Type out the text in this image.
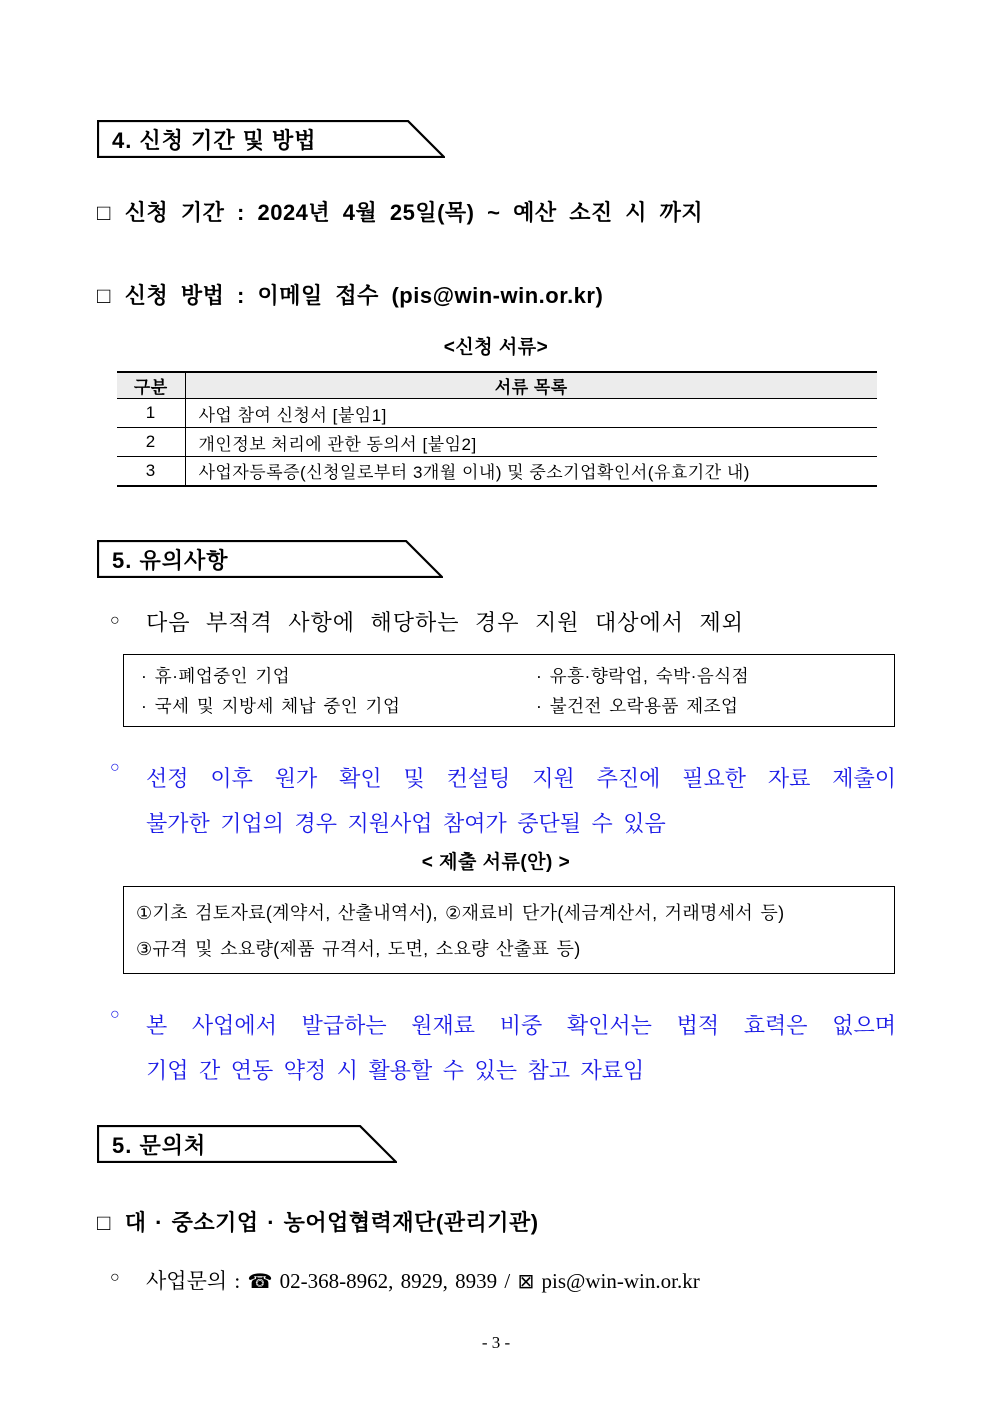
4. 신청 기간 및 방법
□ 신청 기간 : 2024년 4월 25일(목) ~ 예산 소진 시 까지
□ 신청 방법 : 이메일 접수 (pis@win-win.or.kr)
<신청 서류>
구분	서류 목록
1	사업 참여 신청서 [붙임1]
2	개인정보 처리에 관한 동의서 [붙임2]
3	사업자등록증(신청일로부터 3개월 이내) 및 중소기업확인서(유효기간 내)
5. 유의사항
○	다음 부적격 사항에 해당하는 경우 지원 대상에서 제외
· 휴·폐업중인 기업	· 유흥·향락업, 숙박·음식점
· 국세 및 지방세 체납 중인 기업	· 불건전 오락용품 제조업
○	선정 이후 원가 확인 및 컨설팅 지원 추진에 필요한 자료 제출이
불가한 기업의 경우 지원사업 참여가 중단될 수 있음
< 제출 서류(안) >
①기초 검토자료(계약서, 산출내역서), ②재료비 단가(세금계산서, 거래명세서 등)
③규격 및 소요량(제품 규격서, 도면, 소요량 산출표 등)
○	본 사업에서 발급하는 원재료 비중 확인서는 법적 효력은 없으며
기업 간 연동 약정 시 활용할 수 있는 참고 자료임
5. 문의처
□ 대 · 중소기업 · 농어업협력재단(관리기관)
○	사업문의 : ☎ 02-368-8962, 8929, 8939 / ⊠ pis@win-win.or.kr
- 3 -
